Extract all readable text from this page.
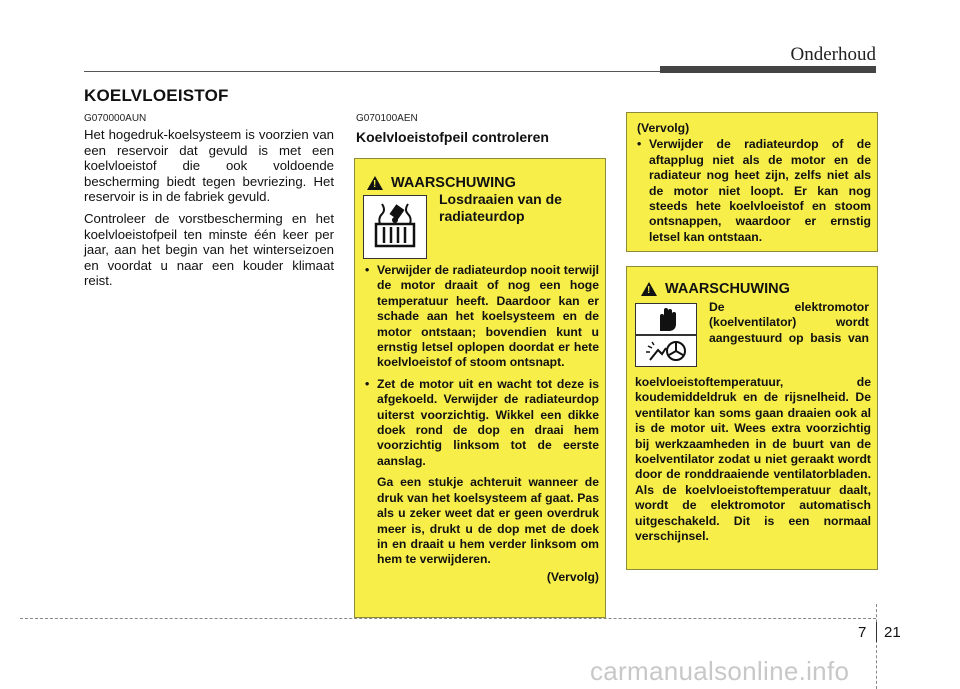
Onderhoud
KOELVLOEISTOF
G070000AUN

Het hogedruk-koelsysteem is voorzien van een reservoir dat gevuld is met een koelvloeistof die ook voldoende bescherming biedt tegen bevriezing. Het reservoir is in de fabriek gevuld.

Controleer de vorstbescherming en het koelvloeistofpeil ten minste één keer per jaar, aan het begin van het winterseizoen en voordat u naar een kouder klimaat reist.

G070100AEN
Koelvloeistofpeil controleren
! WAARSCHUWING
Losdraaien van de radiateurdop
• Verwijder de radiateurdop nooit terwijl de motor draait of nog een hoge temperatuur heeft. Daardoor kan er schade aan het koelsysteem en de motor ontstaan; bovendien kunt u ernstig letsel oplopen doordat er hete koelvloeistof of stoom ontsnapt.
• Zet de motor uit en wacht tot deze is afgekoeld. Verwijder de radiateurdop uiterst voorzichtig. Wikkel een dikke doek rond de dop en draai hem voorzichtig linksom tot de eerste aanslag.
Ga een stukje achteruit wanneer de druk van het koelsysteem af gaat. Pas als u zeker weet dat er geen overdruk meer is, drukt u de dop met de doek in en draait u hem verder linksom om hem te verwijderen.
(Vervolg)
(Vervolg)
• Verwijder de radiateurdop of de aftapplug niet als de motor en de radiateur nog heet zijn, zelfs niet als de motor niet loopt. Er kan nog steeds hete koelvloeistof en stoom ontsnappen, waardoor er ernstig letsel kan ontstaan.
! WAARSCHUWING
De elektromotor (koelventilator) wordt aangestuurd op basis van
koelvloeistoftemperatuur, de koudemiddeldruk en de rijsnelheid. De ventilator kan soms gaan draaien ook al is de motor uit. Wees extra voorzichtig bij werkzaamheden in de buurt van de koelventilator zodat u niet geraakt wordt door de ronddraaiende ventilatorbladen. Als de koelvloeistoftemperatuur daalt, wordt de elektromotor automatisch uitgeschakeld. Dit is een normaal verschijnsel.
7 21
carmanualsonline.info
